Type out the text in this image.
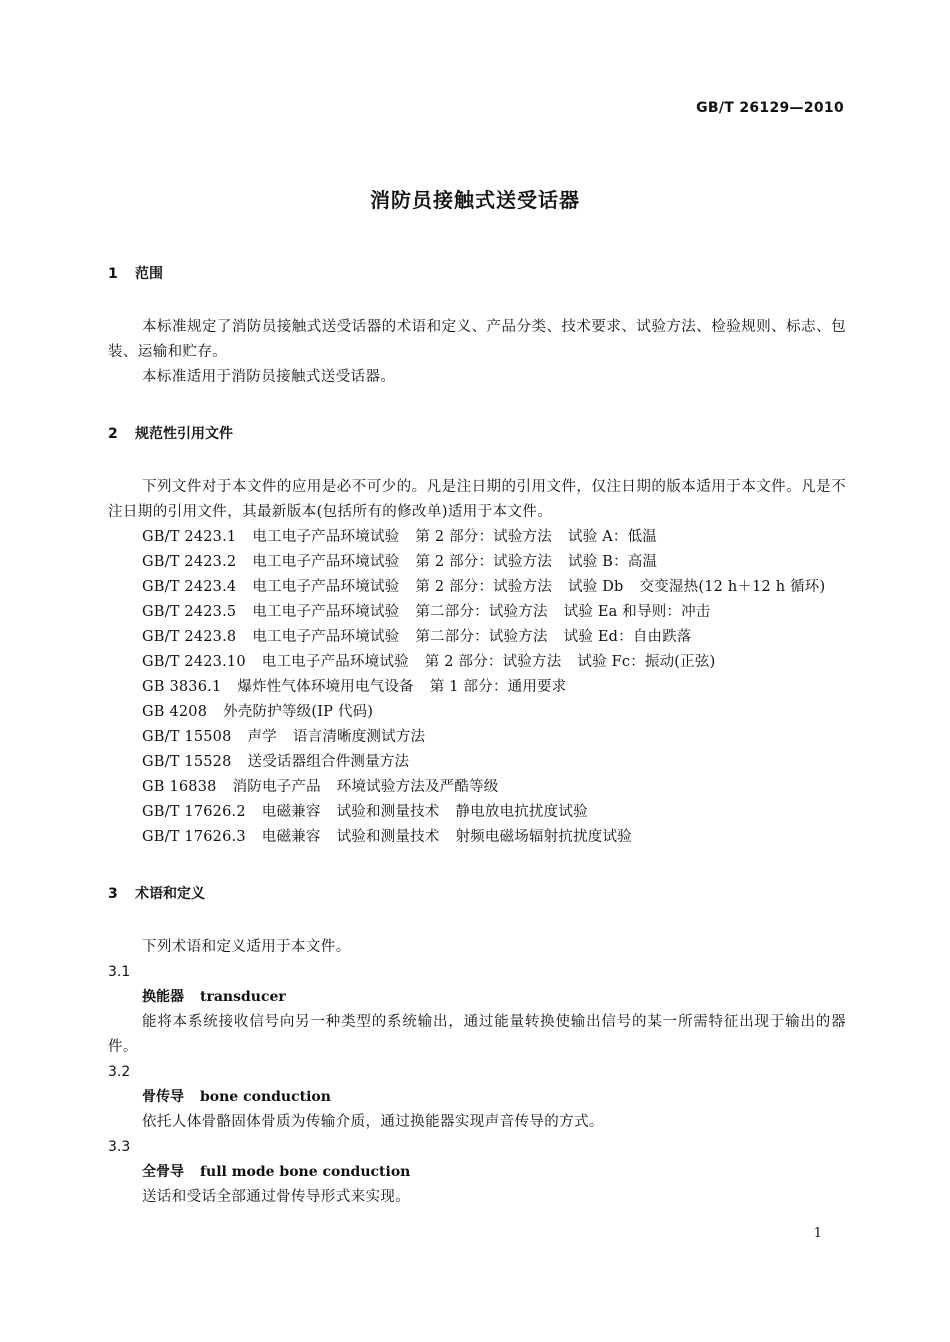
GB/T 26129—2010
消防员接触式送受话器
1 范围

本标准规定了消防员接触式送受话器的术语和定义、产品分类、技术要求、试验方法、检验规则、标志、包装、运输和贮存。

本标准适用于消防员接触式送受话器。

2 规范性引用文件

下列文件对于本文件的应用是必不可少的。凡是注日期的引用文件，仅注日期的版本适用于本文件。凡是不注日期的引用文件，其最新版本(包括所有的修改单)适用于本文件。

GB/T 2423.1 电工电子产品环境试验 第 2 部分：试验方法 试验 A：低温

GB/T 2423.2 电工电子产品环境试验 第 2 部分：试验方法 试验 B：高温

GB/T 2423.4 电工电子产品环境试验 第 2 部分：试验方法 试验 Db 交变湿热(12 h＋12 h 循环)

GB/T 2423.5 电工电子产品环境试验 第二部分：试验方法 试验 Ea 和导则：冲击

GB/T 2423.8 电工电子产品环境试验 第二部分：试验方法 试验 Ed：自由跌落

GB/T 2423.10 电工电子产品环境试验 第 2 部分：试验方法 试验 Fc：振动(正弦)

GB 3836.1 爆炸性气体环境用电气设备 第 1 部分：通用要求

GB 4208 外壳防护等级(IP 代码)

GB/T 15508 声学 语言清晰度测试方法

GB/T 15528 送受话器组合件测量方法

GB 16838 消防电子产品 环境试验方法及严酷等级

GB/T 17626.2 电磁兼容 试验和测量技术 静电放电抗扰度试验

GB/T 17626.3 电磁兼容 试验和测量技术 射频电磁场辐射抗扰度试验

3 术语和定义

下列术语和定义适用于本文件。

3.1
换能器 transducer

能将本系统接收信号向另一种类型的系统输出，通过能量转换使输出信号的某一所需特征出现于输出的器件。

3.2
骨传导 bone conduction

依托人体骨骼固体骨质为传输介质，通过换能器实现声音传导的方式。

3.3
全骨导 full mode bone conduction

送话和受话全部通过骨传导形式来实现。

1
